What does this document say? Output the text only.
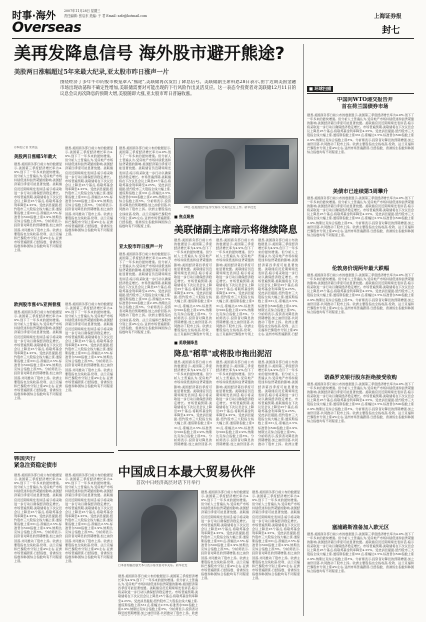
时事·海外	2007年11月28日 星期三
责任编辑: 张启东 美编: 于 君 Email: zzfz@hotmail.com
Overseas
上海证券报
封七
美再发降息信号 海外股市避开熊途?
美股两日涨幅超过5年来最大纪录,亚太股市昨日涨声一片
围绕经济了多年牛市的股市被笼罩入"熊途",美联储再次发出了降息信号。美联储副主席科恩28日表示,由于近期美国金融市场出现动荡和不确定性增加,美联储需要对可能出现的下行风险作出灵活反应。这一表态令投资者对美联储12月11日的议息会议再次降息的预期大增,美股随即大涨,亚太股市昨日普遍收涨。
◎本报记者 朱周良
美股两日涨幅5年最大
据悉,美国商务部日前公布的数据显示,美国第三季度经济增长率为4.9%,创下了一年多来的最快增速。但分析人士普遍认为,受房地产市场持续低迷和信贷紧缩的影响,美国经济第四季度可能显著放缓。美联储官员近期频频发表讲话,暗示将采取进一步行动以确保经济稳定增长。市场普遍预期,美联储将在下次议息会议上降息25个基点,将联邦基金利率降至4.25%。受此消息提振,纽约股市三大股指全线大幅上涨,道琼斯指数上涨331点,涨幅达2.5%,标准普尔500指数上涨2.9%,纳斯达克综合指数上涨3%。分析师表示,投资者对降息的预期增强,加之油价回落,共同推动了股市上扬。欧洲主要股指也全线收高,伦敦、法兰克福和巴黎股市分别上涨4%左右,亚洲市场普遍跟涨,日经指数、香港恒生指数和韩国综合指数均有不同程度上涨。
据悉,美国商务部日前公布的数据显示,美国第三季度经济增长率为4.9%,创下了一年多来的最快增速。但分析人士普遍认为,受房地产市场持续低迷和信贷紧缩的影响,美国经济第四季度可能显著放缓。美联储官员近期频频发表讲话,暗示将采取进一步行动以确保经济稳定增长。市场普遍预期,美联储将在下次议息会议上降息25个基点,将联邦基金利率降至4.25%。受此消息提振,纽约股市三大股指全线大幅上涨,道琼斯指数上涨331点,涨幅达2.5%,标准普尔500指数上涨2.9%,纳斯达克综合指数上涨3%。分析师表示,投资者对降息的预期增强,加之油价回落,共同推动了股市上扬。欧洲主要股指也全线收高,伦敦、法兰克福和巴黎股市分别上涨4%左右,亚洲市场普遍跟涨,日经指数、香港恒生指数和韩国综合指数均有不同程度上涨。
欧洲股市涨4%亚洲普涨
据悉,美国商务部日前公布的数据显示,美国第三季度经济增长率为4.9%,创下了一年多来的最快增速。但分析人士普遍认为,受房地产市场持续低迷和信贷紧缩的影响,美国经济第四季度可能显著放缓。美联储官员近期频频发表讲话,暗示将采取进一步行动以确保经济稳定增长。市场普遍预期,美联储将在下次议息会议上降息25个基点,将联邦基金利率降至4.25%。受此消息提振,纽约股市三大股指全线大幅上涨,道琼斯指数上涨331点,涨幅达2.5%,标准普尔500指数上涨2.9%,纳斯达克综合指数上涨3%。分析师表示,投资者对降息的预期增强,加之油价回落,共同推动了股市上扬。欧洲主要股指也全线收高,伦敦、法兰克福和巴黎股市分别上涨4%左右,亚洲市场普遍跟涨,日经指数、香港恒生指数和韩国综合指数均有不同程度上涨。
据悉,美国商务部日前公布的数据显示,美国第三季度经济增长率为4.9%,创下了一年多来的最快增速。但分析人士普遍认为,受房地产市场持续低迷和信贷紧缩的影响,美国经济第四季度可能显著放缓。美联储官员近期频频发表讲话,暗示将采取进一步行动以确保经济稳定增长。市场普遍预期,美联储将在下次议息会议上降息25个基点,将联邦基金利率降至4.25%。受此消息提振,纽约股市三大股指全线大幅上涨,道琼斯指数上涨331点,涨幅达2.5%,标准普尔500指数上涨2.9%,纳斯达克综合指数上涨3%。分析师表示,投资者对降息的预期增强,加之油价回落,共同推动了股市上扬。欧洲主要股指也全线收高,伦敦、法兰克福和巴黎股市分别上涨4%左右,亚洲市场普遍跟涨,日经指数、香港恒生指数和韩国综合指数均有不同程度上涨。
据悉,美国商务部日前公布的数据显示,美国第三季度经济增长率为4.9%,创下了一年多来的最快增速。但分析人士普遍认为,受房地产市场持续低迷和信贷紧缩的影响,美国经济第四季度可能显著放缓。美联储官员近期频频发表讲话,暗示将采取进一步行动以确保经济稳定增长。市场普遍预期,美联储将在下次议息会议上降息25个基点,将联邦基金利率降至4.25%。受此消息提振,纽约股市三大股指全线大幅上涨,道琼斯指数上涨331点,涨幅达2.5%,标准普尔500指数上涨2.9%,纳斯达克综合指数上涨3%。分析师表示,投资者对降息的预期增强,加之油价回落,共同推动了股市上扬。欧洲主要股指也全线收高,伦敦、法兰克福和巴黎股市分别上涨4%左右,亚洲市场普遍跟涨,日经指数、香港恒生指数和韩国综合指数均有不同程度上涨。
亚太股市昨日涨声一片
据悉,美国商务部日前公布的数据显示,美国第三季度经济增长率为4.9%,创下了一年多来的最快增速。但分析人士普遍认为,受房地产市场持续低迷和信贷紧缩的影响,美国经济第四季度可能显著放缓。美联储官员近期频频发表讲话,暗示将采取进一步行动以确保经济稳定增长。市场普遍预期,美联储将在下次议息会议上降息25个基点,将联邦基金利率降至4.25%。受此消息提振,纽约股市三大股指全线大幅上涨,道琼斯指数上涨331点,涨幅达2.5%,标准普尔500指数上涨2.9%,纳斯达克综合指数上涨3%。分析师表示,投资者对降息的预期增强,加之油价回落,共同推动了股市上扬。欧洲主要股指也全线收高,伦敦、法兰克福和巴黎股市分别上涨4%左右,亚洲市场普遍跟涨,日经指数、香港恒生指数和韩国综合指数均有不同程度上涨。
28日,在美国纽约证券交易所,交易员正在工作。新华社发
■ 焦点聚焦
美联储副主席暗示将继续降息
据悉,美国商务部日前公布的数据显示,美国第三季度经济增长率为4.9%,创下了一年多来的最快增速。但分析人士普遍认为,受房地产市场持续低迷和信贷紧缩的影响,美国经济第四季度可能显著放缓。美联储官员近期频频发表讲话,暗示将采取进一步行动以确保经济稳定增长。市场普遍预期,美联储将在下次议息会议上降息25个基点,将联邦基金利率降至4.25%。受此消息提振,纽约股市三大股指全线大幅上涨,道琼斯指数上涨331点,涨幅达2.5%,标准普尔500指数上涨2.9%,纳斯达克综合指数上涨3%。分析师表示,投资者对降息的预期增强,加之油价回落,共同推动了股市上扬。欧洲主要股指也全线收高,伦敦、法兰克福和巴黎股市分别上
据悉,美国商务部日前公布的数据显示,美国第三季度经济增长率为4.9%,创下了一年多来的最快增速。但分析人士普遍认为,受房地产市场持续低迷和信贷紧缩的影响,美国经济第四季度可能显著放缓。美联储官员近期频频发表讲话,暗示将采取进一步行动以确保经济稳定增长。市场普遍预期,美联储将在下次议息会议上降息25个基点,将联邦基金利率降至4.25%。受此消息提振,纽约股市三大股指全线大幅上涨,道琼斯指数上涨331点,涨幅达2.5%,标准普尔500指数上涨2.9%,纳斯达克综合指数上涨3%。分析师表示,投资者对降息的预期增强,加之油价回落,共同推动了股市上扬。欧洲主要股指也全线收高,伦敦、法兰克福和巴黎股市分别上
据悉,美国商务部日前公布的数据显示,美国第三季度经济增长率为4.9%,创下了一年多来的最快增速。但分析人士普遍认为,受房地产市场持续低迷和信贷紧缩的影响,美国经济第四季度可能显著放缓。美联储官员近期频频发表讲话,暗示将采取进一步行动以确保经济稳定增长。市场普遍预期,美联储将在下次议息会议上降息25个基点,将联邦基金利率降至4.25%。受此消息提振,纽约股市三大股指全线大幅上涨,道琼斯指数上涨331点,涨幅达2.5%,标准普尔500指数上涨2.9%,纳斯达克综合指数上涨3%。分析师表示,投资者对降息的预期增强,加之油价回落,共同推动了股市上扬。欧洲主要股指也全线收高,伦敦、法兰克福和巴黎股市分别上涨4%左右,亚洲市场普遍跟涨,日经
■ 美联储降息
降息"稻草"或将股市拖出泥沼
据悉,美国商务部日前公布的数据显示,美国第三季度经济增长率为4.9%,创下了一年多来的最快增速。但分析人士普遍认为,受房地产市场持续低迷和信贷紧缩的影响,美国经济第四季度可能显著放缓。美联储官员近期频频发表讲话,暗示将采取进一步行动以确保经济稳定增长。市场普遍预期,美联储将在下次议息会议上降息25个基点,将联邦基金利率降至4.25%。受此消息提振,纽约股市三大股指全线大幅上涨,道琼斯指数上涨331点,涨幅达2.5%,标准普尔500指数上涨2.9%,纳斯达克综合指数上涨3%。分析师表示,投资者对降息的预期增强,加之油价回落,共
据悉,美国商务部日前公布的数据显示,美国第三季度经济增长率为4.9%,创下了一年多来的最快增速。但分析人士普遍认为,受房地产市场持续低迷和信贷紧缩的影响,美国经济第四季度可能显著放缓。美联储官员近期频频发表讲话,暗示将采取进一步行动以确保经济稳定增长。市场普遍预期,美联储将在下次议息会议上降息25个基点,将联邦基金利率降至4.25%。受此消息提振,纽约股市三大股指全线大幅上涨,道琼斯指数上涨331点,涨幅达2.5%,标准普尔500指数上涨2.9%,纳斯达克综合指数上涨3%。分析师表示,投资者对降息的预期增强,加之油价回落,共
据悉,美国商务部日前公布的数据显示,美国第三季度经济增长率为4.9%,创下了一年多来的最快增速。但分析人士普遍认为,受房地产市场持续低迷和信贷紧缩的影响,美国经济第四季度可能显著放缓。美联储官员近期频频发表讲话,暗示将采取进一步行动以确保经济稳定增长。市场普遍预期,美联储将在下次议息会议上降息25个基点,将联邦基金利率降至4.25%。受此消息提振,纽约股市三大股指全线大幅上涨,道琼斯指数上涨331点,涨幅达2.5%,标准普尔500指数上涨2.9%,纳斯达克综合指数上涨3%。分析师表示,投资者对降息的预期增强,加之油价回落,共同推动了股市上扬。欧洲主要
韩国央行
紧急注资稳定债市
据悉,美国商务部日前公布的数据显示,美国第三季度经济增长率为4.9%,创下了一年多来的最快增速。但分析人士普遍认为,受房地产市场持续低迷和信贷紧缩的影响,美国经济第四季度可能显著放缓。美联储官员近期频频发表讲话,暗示将采取进一步行动以确保经济稳定增长。市场普遍预期,美联储将在下次议息会议上降息25个基点,将联邦基金利率降至4.25%。受此消息提振,纽约股市三大股指全线大幅上涨,道琼斯指数上涨331点,涨幅达2.5%,标准普尔500指数上涨2.9%,纳斯达克综合指数上涨3%。分析师表示,投资者对降息的预期增强,加之油价回落,共同推动了股市上扬。欧洲主要股指也全线收高,伦敦、法兰克福和巴黎股市分别上涨4%左右,亚洲市场普遍跟涨,日经指数、香港恒生指数和韩国综合指数均有不同程度上涨。
据悉,美国商务部日前公布的数据显示,美国第三季度经济增长率为4.9%,创下了一年多来的最快增速。但分析人士普遍认为,受房地产市场持续低迷和信贷紧缩的影响,美国经济第四季度可能显著放缓。美联储官员近期频频发表讲话,暗示将采取进一步行动以确保经济稳定增长。市场普遍预期,美联储将在下次议息会议上降息25个基点,将联邦基金利率降至4.25%。受此消息提振,纽约股市三大股指全线大幅上涨,道琼斯指数上涨331点,涨幅达2.5%,标准普尔500指数上涨2.9%,纳斯达克综合指数上涨3%。分析师表示,投资者对降息的预期增强,加之油价回落,共同推动了股市上扬。欧洲主要股指也全线收高,伦敦、法兰克福和巴黎股市分别上涨4%左右,亚洲市场普遍跟涨,日经指数、香港恒生指数和韩国综合指数均有不同程度上涨。
中国成日本最大贸易伙伴
首次中日经济高层对话下月举行
日本首相福田康夫本月表示将改善对华关系。新华社发
据悉,美国商务部日前公布的数据显示,美国第三季度经济增长率为4.9%,创下了一年多来的最快增速。但分析人士普遍认为,受房地产市场持续低迷和信贷紧缩的影响,美国经济第四季度可能显著放缓。美联储官员近期频频发表讲话,暗示将采取进一步行动以确保经济稳定增长。市场普遍预期,美联储将在下次议息会议上降息25个基点,将联邦基金利率降至4.25%。受此消息提振,纽约股市三大股指全线大幅上涨,道琼斯指数上涨331点,涨幅达2.5%,标准普尔500指数上涨2.9%,纳斯达克综合指数上涨3%。分析师表示,投资者对降息的预期增强,加之油价回落,共同推动了股市上扬。欧洲主要股指也全线收高,伦敦、法兰克福和巴黎股市分别上涨4%左右,亚洲市场普遍跟涨,日经指数、香港恒生指数和韩国综合指数均有不同程度上涨。
据悉,美国商务部日前公布的数据显示,美国第三季度经济增长率为4.9%,创下了一年多来的最快增速。但分析人士普遍认为,受房地产市场持续低迷和信贷紧缩的影响,美国经济第四季度可能显著放缓。美联储官员近期频频发表讲话,暗示将采取进一步行动以确保经济稳定增长。市场普遍预期,美联储将在下次议息会议上降息25个基点,将联邦基金利率降至4.25%。受此消息提振,纽约股市三大股指全线大幅上涨,道琼斯指数上涨331点,涨幅达2.5%,标准普尔500指数上涨2.9%,纳斯达克综合指数上涨3%。分析师表示,投资者对降息的预期增强,加之油价回落,共同推动了股市上扬。欧洲主要股指也全线收高,伦敦、法兰克福和巴黎股市分别上涨4%左右,亚洲市场普遍跟涨,日经指数、香港恒生指数和韩国综合指数均有不同程度上涨。
据悉,美国商务部日前公布的数据显示,美国第三季度经济增长率为4.9%,创下了一年多来的最快增速。但分析人士普遍认为,受房地产市场持续低迷和信贷紧缩的影响,美国经济第四季度可能显著放缓。美联储官员近期频频发表讲话,暗示将采取进一步行动以确保经济稳定增长。市场普遍预期,美联储将在下次议息会议上降息25个基点,将联邦基金利率降至4.25%。受此消息提振,纽约股市三大股指全线大幅上涨,道琼斯指数上涨331点,涨幅达2.5%,标准普尔500指数上涨2.9%,纳斯达克综合指数上涨3%。分析师表示,投资者对降息的预期增强,加之油价回落,共同推动了股市上扬。欧洲
■ 环球扫描
中国向WTO递交报告并
首在荷兰国债券市场
据悉,美国商务部日前公布的数据显示,美国第三季度经济增长率为4.9%,创下了一年多来的最快增速。但分析人士普遍认为,受房地产市场持续低迷和信贷紧缩的影响,美国经济第四季度可能显著放缓。美联储官员近期频频发表讲话,暗示将采取进一步行动以确保经济稳定增长。市场普遍预期,美联储将在下次议息会议上降息25个基点,将联邦基金利率降至4.25%。受此消息提振,纽约股市三大股指全线大幅上涨,道琼斯指数上涨331点,涨幅达2.5%,标准普尔500指数上涨2.9%,纳斯达克综合指数上涨3%。分析师表示,投资者对降息的预期增强,加之油价回落,共同推动了股市上扬。欧洲主要股指也全线收高,伦敦、法兰克福和巴黎股市分别上涨4%左右,亚洲市场普遍跟涨,日经指数、香港恒生指数和韩国综合指数均有不同程度上涨。
美债市已连续第5周攀升
据悉,美国商务部日前公布的数据显示,美国第三季度经济增长率为4.9%,创下了一年多来的最快增速。但分析人士普遍认为,受房地产市场持续低迷和信贷紧缩的影响,美国经济第四季度可能显著放缓。美联储官员近期频频发表讲话,暗示将采取进一步行动以确保经济稳定增长。市场普遍预期,美联储将在下次议息会议上降息25个基点,将联邦基金利率降至4.25%。受此消息提振,纽约股市三大股指全线大幅上涨,道琼斯指数上涨331点,涨幅达2.5%,标准普尔500指数上涨2.9%,纳斯达克综合指数上涨3%。分析师表示,投资者对降息的预期增强,加之油价回落,共同推动了股市上扬。欧洲主要股指也全线收高,伦敦、法兰克福和巴黎股市分别上涨4%左右,亚洲市场普遍跟涨,日经指数、香港恒生指数和韩国综合指数均有不同程度上涨。
伦敦房价现两年最大跌幅
据悉,美国商务部日前公布的数据显示,美国第三季度经济增长率为4.9%,创下了一年多来的最快增速。但分析人士普遍认为,受房地产市场持续低迷和信贷紧缩的影响,美国经济第四季度可能显著放缓。美联储官员近期频频发表讲话,暗示将采取进一步行动以确保经济稳定增长。市场普遍预期,美联储将在下次议息会议上降息25个基点,将联邦基金利率降至4.25%。受此消息提振,纽约股市三大股指全线大幅上涨,道琼斯指数上涨331点,涨幅达2.5%,标准普尔500指数上涨2.9%,纳斯达克综合指数上涨3%。分析师表示,投资者对降息的预期增强,加之油价回落,共同推动了股市上扬。欧洲主要股指也全线收高,伦敦、法兰克福和巴黎股市分别上涨4%左右,亚洲市场普遍跟涨,日经指数、香港恒生指数和韩国综合指数均有不同程度上涨。
诺森罗克银行股东拒绝接受收购
据悉,美国商务部日前公布的数据显示,美国第三季度经济增长率为4.9%,创下了一年多来的最快增速。但分析人士普遍认为,受房地产市场持续低迷和信贷紧缩的影响,美国经济第四季度可能显著放缓。美联储官员近期频频发表讲话,暗示将采取进一步行动以确保经济稳定增长。市场普遍预期,美联储将在下次议息会议上降息25个基点,将联邦基金利率降至4.25%。受此消息提振,纽约股市三大股指全线大幅上涨,道琼斯指数上涨331点,涨幅达2.5%,标准普尔500指数上涨2.9%,纳斯达克综合指数上涨3%。分析师表示,投资者对降息的预期增强,加之油价回落,共同推动了股市上扬。欧洲主要股指也全线收高,伦敦、法兰克福和巴黎股市分别上涨4%左右,亚洲市场普遍跟涨,日经指数、香港恒生指数和韩国综合指数均有不同程度上涨。
塞浦路斯准备加入欧元区
据悉,美国商务部日前公布的数据显示,美国第三季度经济增长率为4.9%,创下了一年多来的最快增速。但分析人士普遍认为,受房地产市场持续低迷和信贷紧缩的影响,美国经济第四季度可能显著放缓。美联储官员近期频频发表讲话,暗示将采取进一步行动以确保经济稳定增长。市场普遍预期,美联储将在下次议息会议上降息25个基点,将联邦基金利率降至4.25%。受此消息提振,纽约股市三大股指全线大幅上涨,道琼斯指数上涨331点,涨幅达2.5%,标准普尔500指数上涨2.9%,纳斯达克综合指数上涨3%。分析师表示,投资者对降息的预期增强,加之油价回落,共同推动了股市上扬。欧洲主要股指也全线收高,伦敦、法兰克福和巴黎股市分别上涨4%左右,亚洲市场普遍跟涨,日经指数、香港恒生指数和韩国综合指数均有不同程度上涨。
